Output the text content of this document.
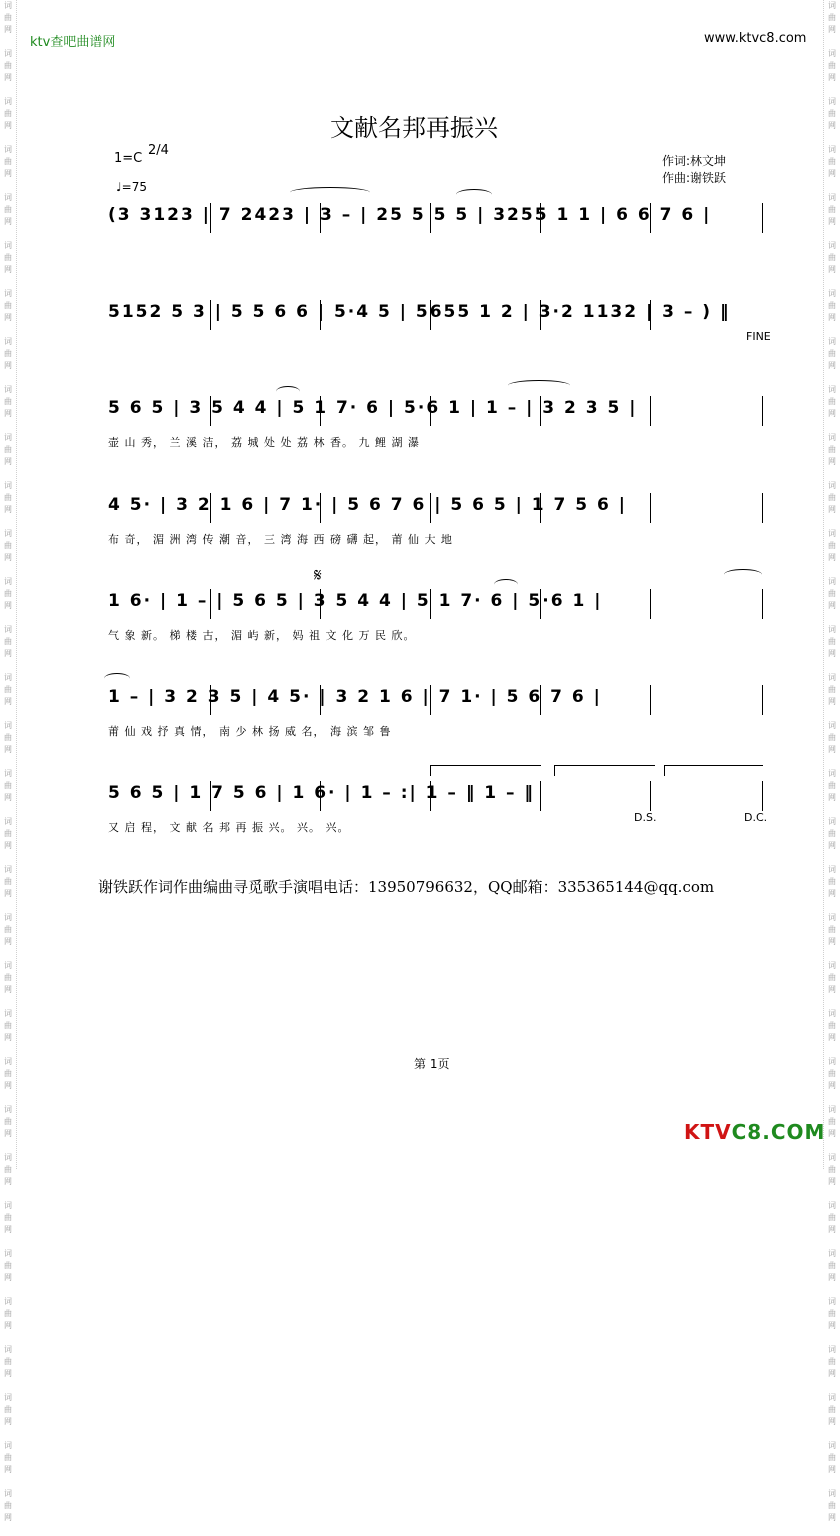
词
曲
网

词
曲
网

词
曲
网

词
曲
网

词
曲
网

词
曲
网

词
曲
网

词
曲
网

词
曲
网

词
曲
网

词
曲
网

词
曲
网

词
曲
网

词
曲
网

词
曲
网

词
曲
网

词
曲
网

词
曲
网

词
曲
网

词
曲
网

词
曲
网

词
曲
网

词
曲
网

词
曲
网

词
曲
网

词
曲
网

词
曲
网

词
曲
网

词
曲
网

词
曲
网

词
曲
网

词
曲
网

词
曲
网

词
曲
网

词
曲
网

词
曲
网

词
曲
网

词
曲
网

词
曲
网

词
曲
网

词
曲
网

词
曲
网

词
曲
网

词
曲
网

词
曲
网

词
曲
网

词
曲
网

词
曲
网

词
曲
网

词
曲
网

词
曲
网

词
曲
网

词
曲
网

词
曲
网

词
曲
网

词
曲
网

词
曲
网

词
曲
网

词
曲
网

词
曲
网

词
曲
网

词
曲
网

词
曲
网

词
曲
网

ktv查吧曲谱网	www.ktvc8.com
文献名邦再振兴
1=C
2/4
♩=75
作词:林文坤
作曲:谢铁跃
(3 3123 | 7 2423 | 3 – | 25 5 5 5 | 3255 1 1 | 6 6 7 6 |
5152 5 3 | 5 5 6 6 | 5·4 5 | 5655 1 2 | 3·2 1132 | 3 – ) ‖
FINE
5 6 5 | 3 5 4 4 | 5 1 7· 6 | 5·6 1 | 1 – | 3 2 3 5 |
壶 山 秀， 兰 溪 洁， 荔 城 处 处 荔 林 香。 九 鲤 湖 瀑
4 5· | 3 2 1 6 | 7 1· | 5 6 7 6 | 5 6 5 | 1 7 5 6 |
布 奇， 湄 洲 湾 传 潮 音， 三 湾 海 西 磅 礴 起， 莆 仙 大 地
𝄋
1 6· | 1 – | 5 6 5 | 3 5 4 4 | 5 1 7· 6 | 5·6 1 |
气 象 新。 梯 楼 古， 湄 屿 新， 妈 祖 文 化 万 民 欣。
1 – | 3 2 3 5 | 4 5· | 3 2 1 6 | 7 1· | 5 6 7 6 |
莆 仙 戏 抒 真 情， 南 少 林 扬 威 名， 海 滨 邹 鲁
5 6 5 | 1 7 5 6 | 1 6· | 1 – :| 1 – ‖ 1 – ‖
又 启 程， 文 献 名 邦 再 振 兴。 兴。 兴。
D.S.	D.C.
谢铁跃作词作曲编曲寻觅歌手演唱电话：13950796632，QQ邮箱：335365144@qq.com
第 1页
KTVC8.COM
